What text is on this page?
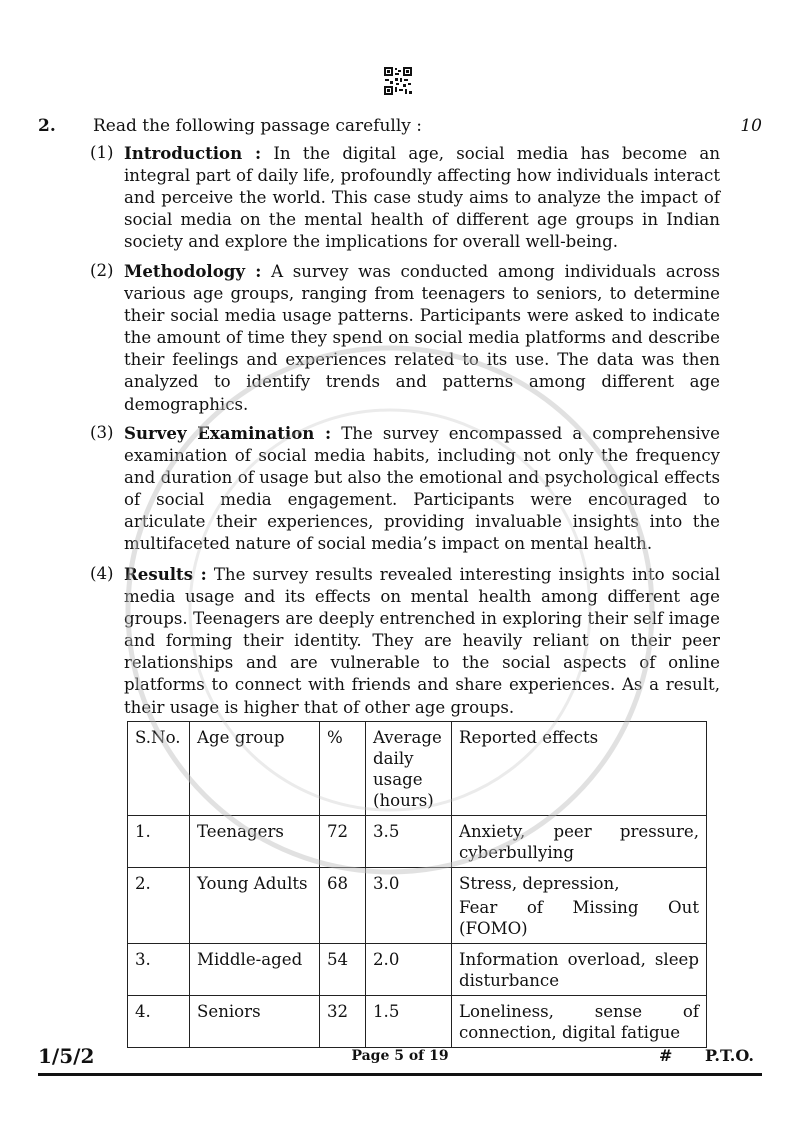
2. Read the following passage carefully :	10
(1) Introduction : In the digital age, social media has become an integral part of daily life, profoundly affecting how individuals interact and perceive the world. This case study aims to analyze the impact of social media on the mental health of different age groups in Indian society and explore the implications for overall well-being.
(2) Methodology : A survey was conducted among individuals across various age groups, ranging from teenagers to seniors, to determine their social media usage patterns. Participants were asked to indicate the amount of time they spend on social media platforms and describe their feelings and experiences related to its use. The data was then analyzed to identify trends and patterns among different age demographics.
(3) Survey Examination : The survey encompassed a comprehensive examination of social media habits, including not only the frequency and duration of usage but also the emotional and psychological effects of social media engagement. Participants were encouraged to articulate their experiences, providing invaluable insights into the multifaceted nature of social media’s impact on mental health.
(4) Results : The survey results revealed interesting insights into social media usage and its effects on mental health among different age groups. Teenagers are deeply entrenched in exploring their self image and forming their identity. They are heavily reliant on their peer relationships and are vulnerable to the social aspects of online platforms to connect with friends and share experiences. As a result, their usage is higher that of other age groups.
S.No.	Age group	%	Average daily usage (hours)	Reported effects
1.	Teenagers	72	3.5	Anxiety, peer pressure, cyberbullying
2.	Young Adults	68	3.0	Stress, depression,
Fear of Missing Out (FOMO)

3.	Middle-aged	54	2.0	Information overload, sleep disturbance
4.	Seniors	32	1.5	Loneliness, sense of connection, digital fatigue
1/5/2	Page 5 of 19	# P.T.O.
